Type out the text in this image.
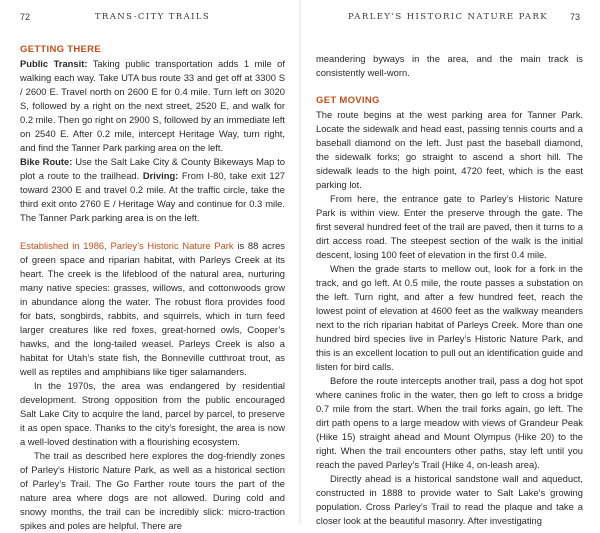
72	TRANS-CITY TRAILS
GETTING THERE

Public Transit: Taking public transportation adds 1 mile of walking each way. Take UTA bus route 33 and get off at 3300 S / 2600 E. Travel north on 2600 E for 0.4 mile. Turn left on 3020 S, followed by a right on the next street, 2520 E, and walk for 0.2 mile. Then go right on 2900 S, followed by an immediate left on 2540 E. After 0.2 mile, intercept Heritage Way, turn right, and find the Tanner Park parking area on the left.

Bike Route: Use the Salt Lake City & County Bikeways Map to plot a route to the trailhead. Driving: From I-80, take exit 127 toward 2300 E and travel 0.2 mile. At the traffic circle, take the third exit onto 2760 E / Heritage Way and continue for 0.3 mile. The Tanner Park parking area is on the left.

Established in 1986, Parley’s Historic Nature Park is 88 acres of green space and riparian habitat, with Parleys Creek at its heart. The creek is the lifeblood of the natural area, nurturing many native species: grasses, willows, and cottonwoods grow in abundance along the water. The robust flora provides food for bats, songbirds, rabbits, and squirrels, which in turn feed larger creatures like red foxes, great-horned owls, Cooper’s hawks, and the long-tailed weasel. Parleys Creek is also a habitat for Utah’s state fish, the Bonneville cutthroat trout, as well as reptiles and amphibians like tiger salamanders.

In the 1970s, the area was endangered by residential development. Strong opposition from the public encouraged Salt Lake City to acquire the land, parcel by parcel, to preserve it as open space. Thanks to the city’s foresight, the area is now a well-loved destination with a flourishing ecosystem.

The trail as described here explores the dog-friendly zones of Parley’s Historic Nature Park, as well as a historical section of Parley’s Trail. The Go Farther route tours the part of the nature area where dogs are not allowed. During cold and snowy months, the trail can be incredibly slick: micro-traction spikes and poles are helpful. There are

PARLEY’S HISTORIC NATURE PARK	73

meandering byways in the area, and the main track is consistently well-worn.

GET MOVING

The route begins at the west parking area for Tanner Park. Locate the sidewalk and head east, passing tennis courts and a baseball diamond on the left. Just past the baseball diamond, the sidewalk forks; go straight to ascend a short hill. The sidewalk leads to the high point, 4720 feet, which is the east parking lot.

From here, the entrance gate to Parley’s Historic Nature Park is within view. Enter the preserve through the gate. The first several hundred feet of the trail are paved, then it turns to a dirt access road. The steepest section of the walk is the initial descent, losing 100 feet of elevation in the first 0.4 mile.

When the grade starts to mellow out, look for a fork in the track, and go left. At 0.5 mile, the route passes a substation on the left. Turn right, and after a few hundred feet, reach the lowest point of elevation at 4600 feet as the walkway meanders next to the rich riparian habitat of Parleys Creek. More than one hundred bird species live in Parley’s Historic Nature Park, and this is an excellent location to pull out an identification guide and listen for bird calls.

Before the route intercepts another trail, pass a dog hot spot where canines frolic in the water, then go left to cross a bridge 0.7 mile from the start. When the trail forks again, go left. The dirt path opens to a large meadow with views of Grandeur Peak (Hike 15) straight ahead and Mount Olympus (Hike 20) to the right. When the trail encounters other paths, stay left until you reach the paved Parley’s Trail (Hike 4, on-leash area).

Directly ahead is a historical sandstone wall and aqueduct, constructed in 1888 to provide water to Salt Lake’s growing population. Cross Parley’s Trail to read the plaque and take a closer look at the beautiful masonry. After investigating
